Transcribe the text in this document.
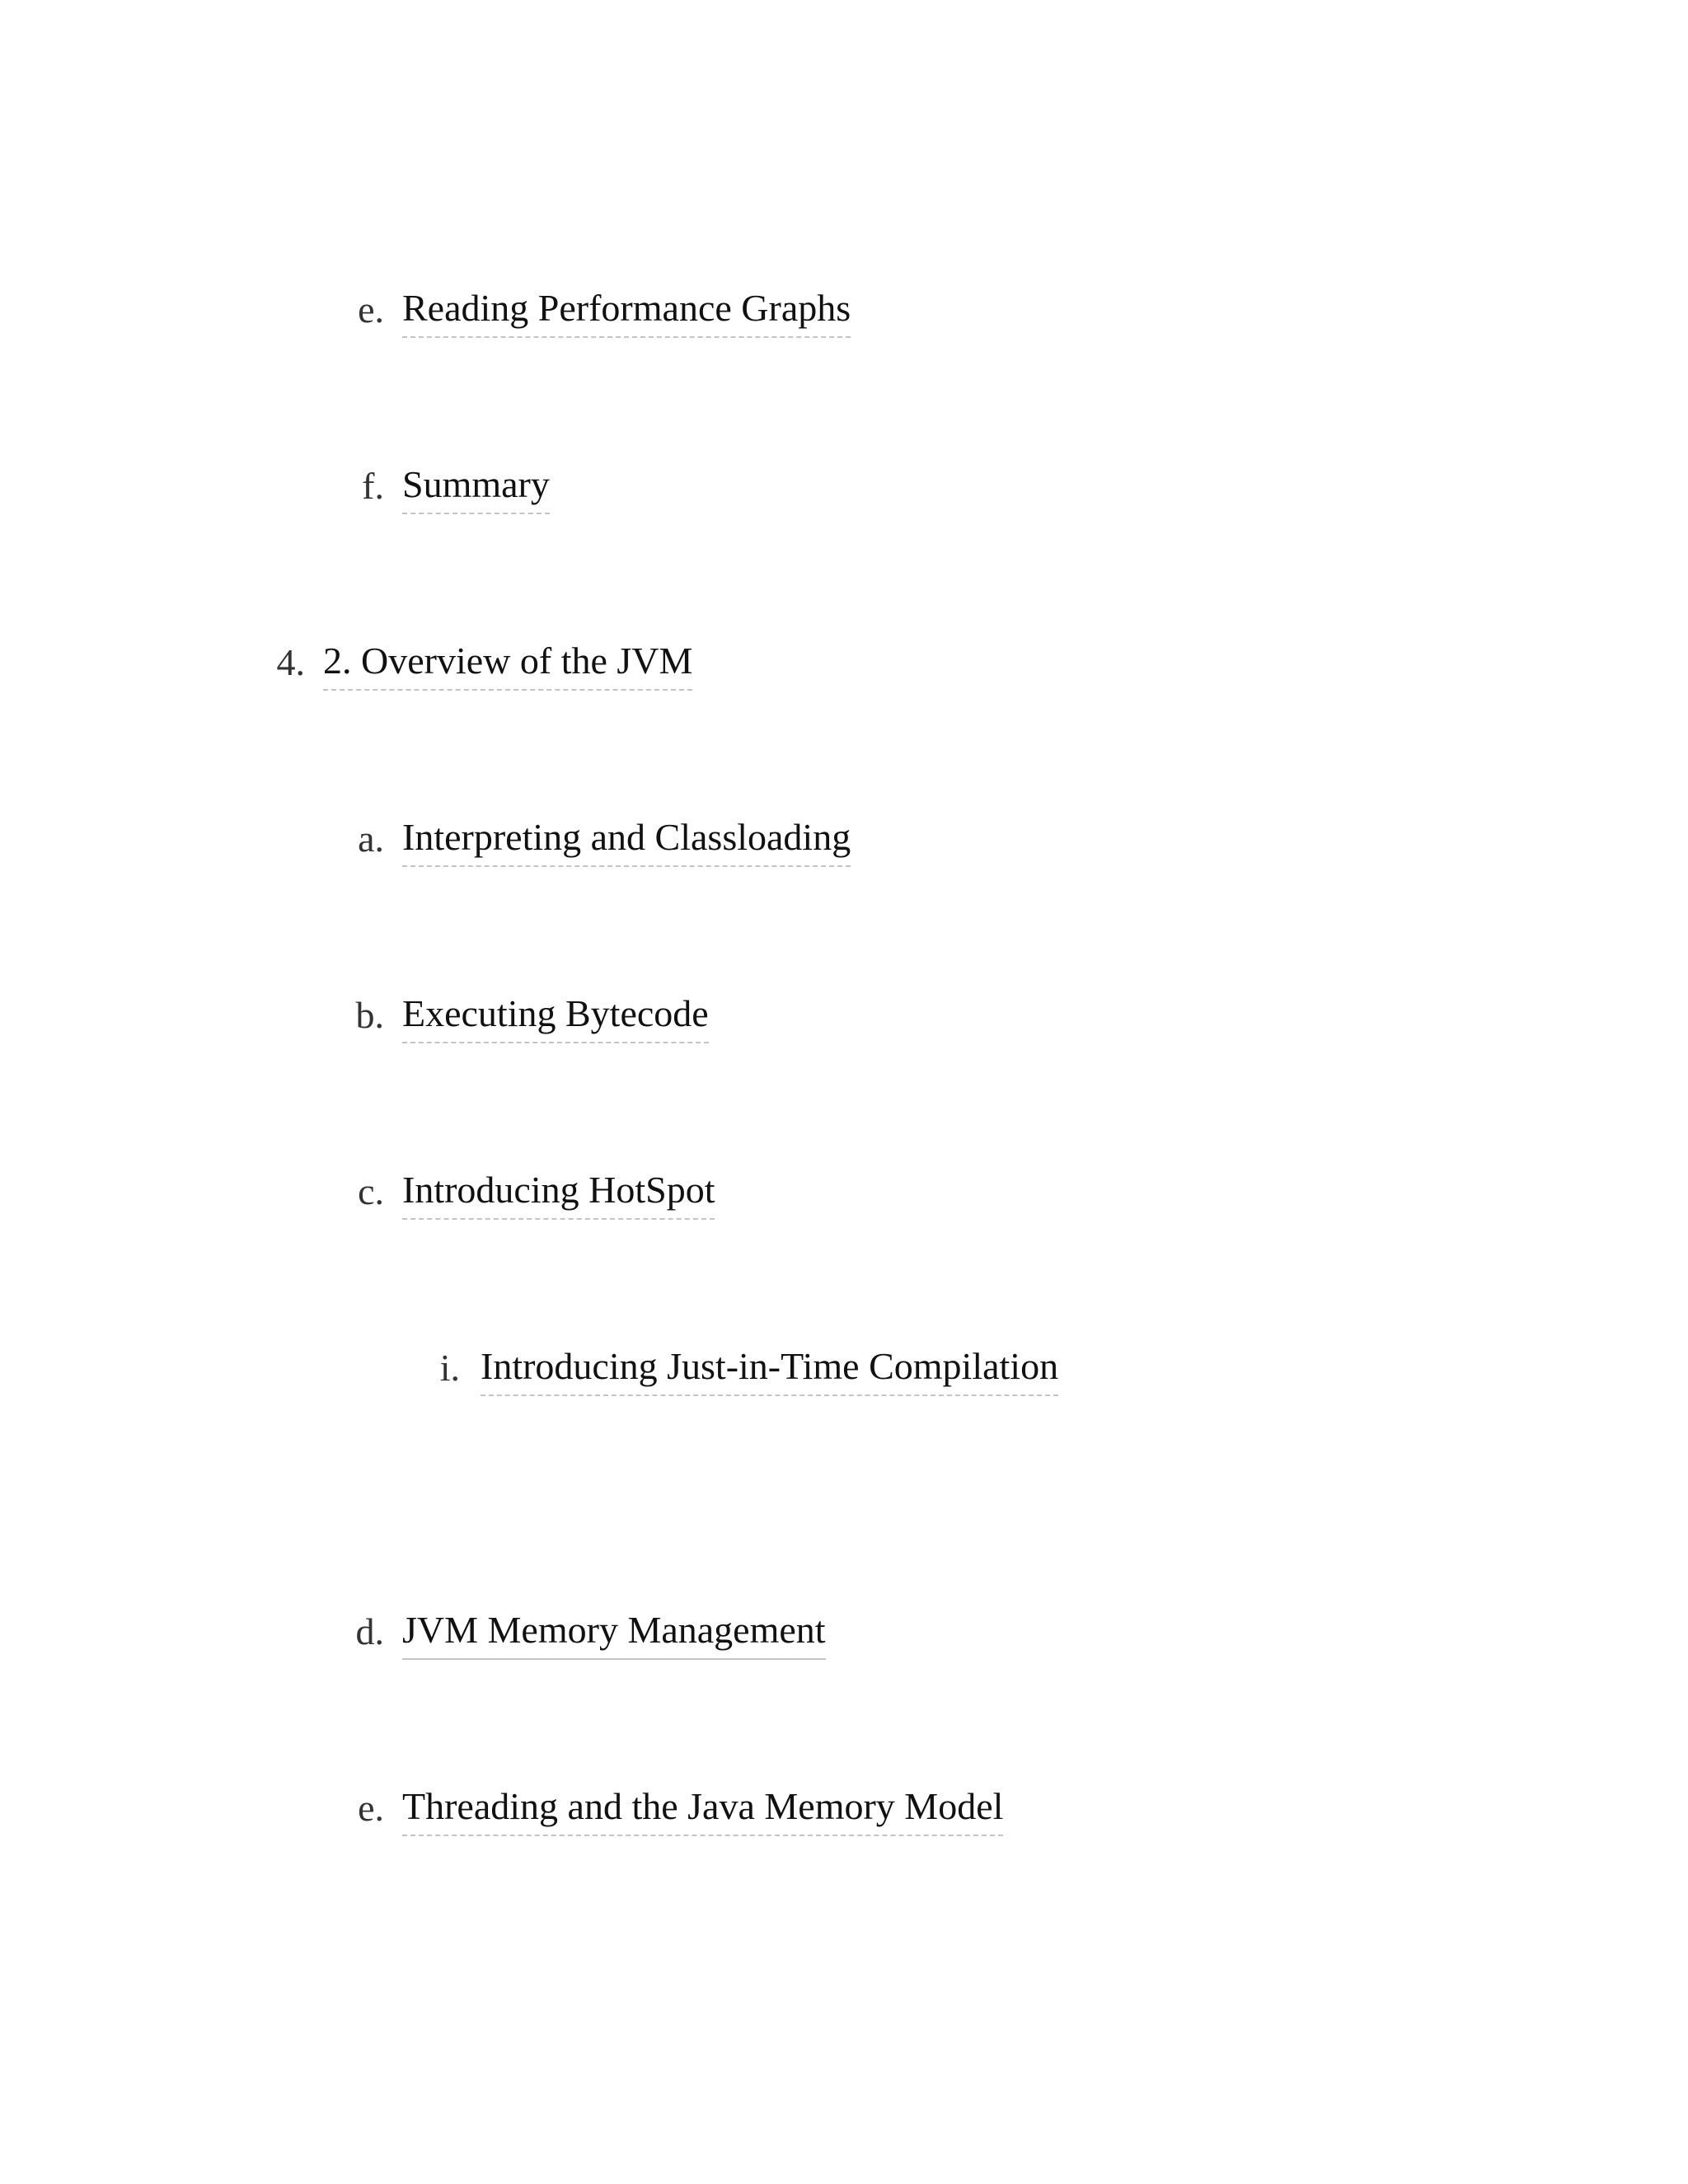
e. Reading Performance Graphs
f. Summary
4. 2. Overview of the JVM
a. Interpreting and Classloading
b. Executing Bytecode
c. Introducing HotSpot
i. Introducing Just-in-Time Compilation
d. JVM Memory Management
e. Threading and the Java Memory Model
